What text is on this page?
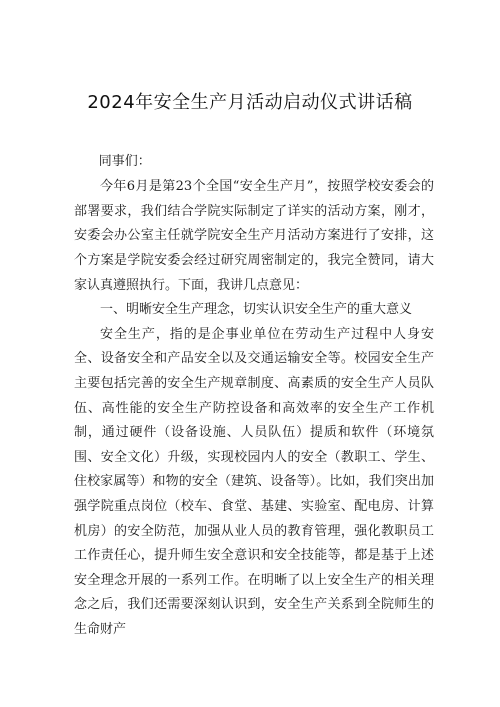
2024年安全生产月活动启动仪式讲话稿

同事们：

今年6月是第23个全国“安全生产月”，按照学校安委会的部署要求，我们结合学院实际制定了详实的活动方案，刚才，安委会办公室主任就学院安全生产月活动方案进行了安排，这个方案是学院安委会经过研究周密制定的，我完全赞同，请大家认真遵照执行。下面，我讲几点意见：

一、明晰安全生产理念，切实认识安全生产的重大意义

安全生产，指的是企事业单位在劳动生产过程中人身安全、设备安全和产品安全以及交通运输安全等。校园安全生产主要包括完善的安全生产规章制度、高素质的安全生产人员队伍、高性能的安全生产防控设备和高效率的安全生产工作机制，通过硬件（设备设施、人员队伍）提质和软件（环境氛围、安全文化）升级，实现校园内人的安全（教职工、学生、住校家属等）和物的安全（建筑、设备等）。比如，我们突出加强学院重点岗位（校车、食堂、基建、实验室、配电房、计算机房）的安全防范，加强从业人员的教育管理，强化教职员工工作责任心，提升师生安全意识和安全技能等，都是基于上述安全理念开展的一系列工作。在明晰了以上安全生产的相关理念之后，我们还需要深刻认识到，安全生产关系到全院师生的生命财产
